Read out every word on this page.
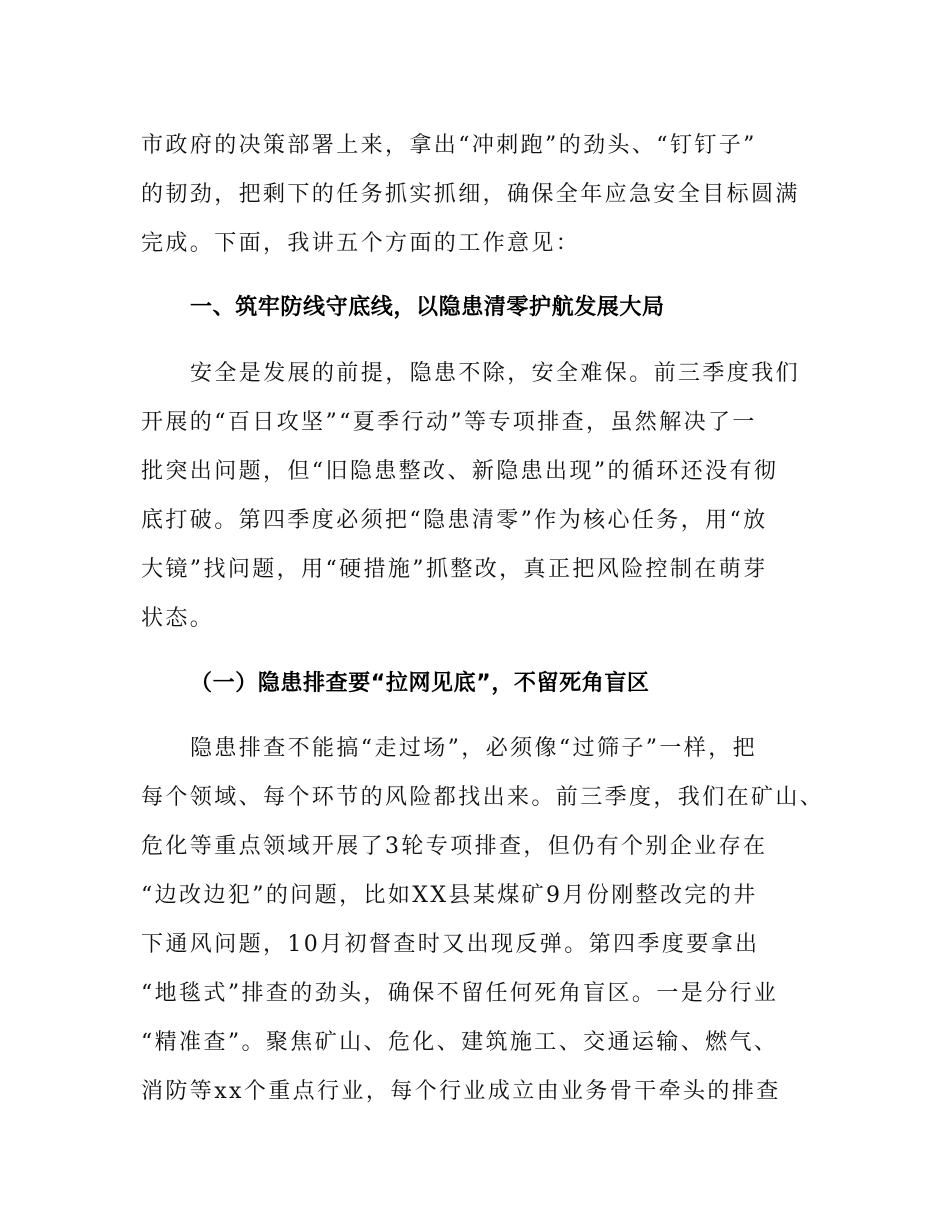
市政府的决策部署上来，拿出“冲刺跑”的劲头、“钉钉子”
的韧劲，把剩下的任务抓实抓细，确保全年应急安全目标圆满
完成。下面，我讲五个方面的工作意见：
一、筑牢防线守底线，以隐患清零护航发展大局
安全是发展的前提，隐患不除，安全难保。前三季度我们
开展的“百日攻坚”“夏季行动”等专项排查，虽然解决了一
批突出问题，但“旧隐患整改、新隐患出现”的循环还没有彻
底打破。第四季度必须把“隐患清零”作为核心任务，用“放
大镜”找问题，用“硬措施”抓整改，真正把风险控制在萌芽
状态。
（一）隐患排查要“拉网见底”，不留死角盲区
隐患排查不能搞“走过场”，必须像“过筛子”一样，把
每个领域、每个环节的风险都找出来。前三季度，我们在矿山、
危化等重点领域开展了3轮专项排查，但仍有个别企业存在
“边改边犯”的问题，比如XX县某煤矿9月份刚整改完的井
下通风问题，10月初督查时又出现反弹。第四季度要拿出
“地毯式”排查的劲头，确保不留任何死角盲区。一是分行业
“精准查”。聚焦矿山、危化、建筑施工、交通运输、燃气、
消防等xx个重点行业，每个行业成立由业务骨干牵头的排查
